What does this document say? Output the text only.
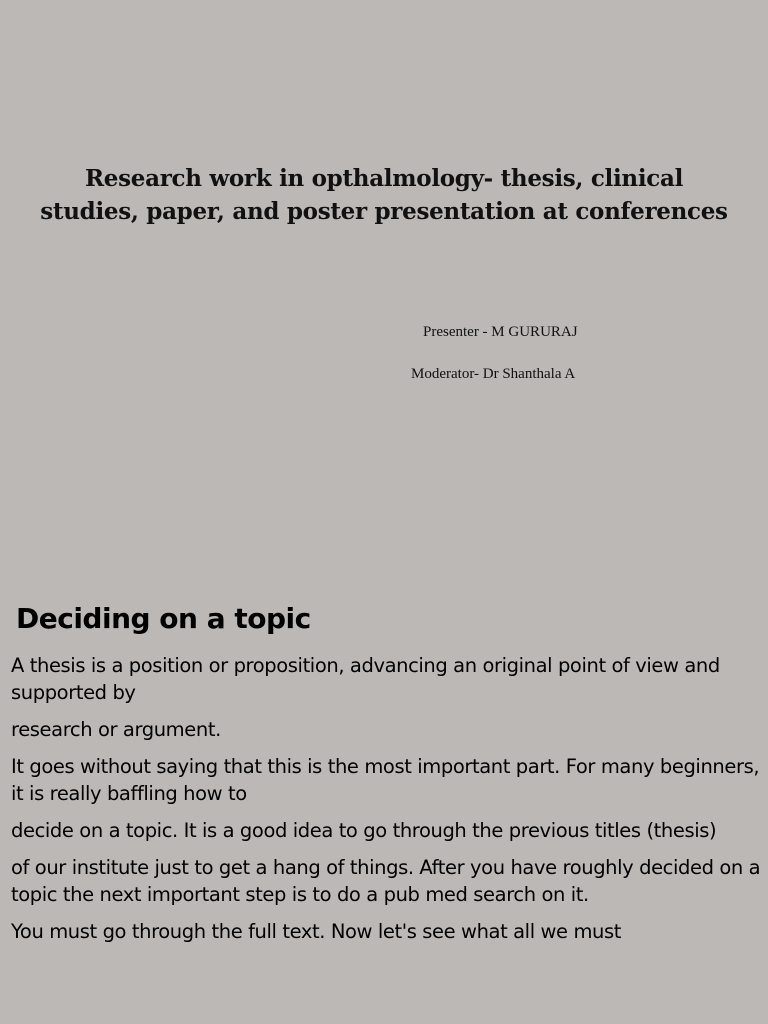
Research work in opthalmology- thesis, clinical
studies, paper, and poster presentation at conferences
Presenter - M GURURAJ
Moderator- Dr Shanthala A
Deciding on a topic

A thesis is a position or proposition, advancing an original point of view and supported by

research or argument.

It goes without saying that this is the most important part. For many beginners, it is really baffling how to

decide on a topic. It is a good idea to go through the previous titles (thesis)

of our institute just to get a hang of things. After you have roughly decided on a topic the next important step is to do a pub med search on it.

You must go through the full text. Now let's see what all we must
